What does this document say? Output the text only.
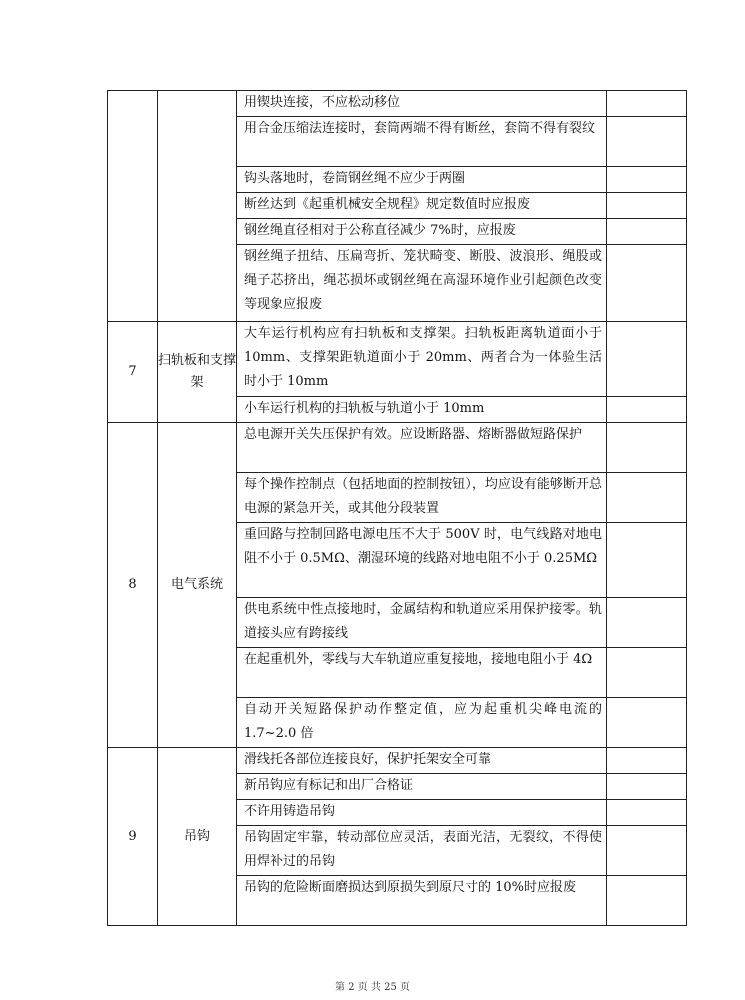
		用锲块连接，不应松动移位	
		用合金压缩法连接时，套筒两端不得有断丝，套筒不得有裂纹	
		钩头落地时，卷筒钢丝绳不应少于两圈	
		断丝达到《起重机械安全规程》规定数值时应报废	
		钢丝绳直径相对于公称直径减少 7%时，应报废	
		钢丝绳子扭结、压扁弯折、笼状畸变、断股、波浪形、绳股或绳子芯挤出，绳芯损坏或钢丝绳在高湿环境作业引起颜色改变等现象应报废	
7	扫轨板和支撑架	大车运行机构应有扫轨板和支撑架。扫轨板距离轨道面小于 10mm、支撑架距轨道面小于 20mm、两者合为一体验生活时小于 10mm	
		小车运行机构的扫轨板与轨道小于 10mm	
8	电气系统	总电源开关失压保护有效。应设断路器、熔断器做短路保护	
		每个操作控制点（包括地面的控制按钮），均应设有能够断开总电源的紧急开关，或其他分段装置	
		重回路与控制回路电源电压不大于 500V 时，电气线路对地电阻不小于 0.5MΩ、潮湿环境的线路对地电阻不小于 0.25MΩ	
		供电系统中性点接地时，金属结构和轨道应采用保护接零。轨道接头应有跨接线	
		在起重机外，零线与大车轨道应重复接地，接地电阻小于 4Ω	
		自动开关短路保护动作整定值，应为起重机尖峰电流的 1.7~2.0 倍	
9	吊钩	滑线托各部位连接良好，保护托架安全可靠	
		新吊钩应有标记和出厂合格证	
		不许用铸造吊钩	
		吊钩固定牢靠，转动部位应灵活，表面光洁，无裂纹，不得使用焊补过的吊钩	
		吊钩的危险断面磨损达到原损失到原尺寸的 10%时应报废	
第 2 页 共 25 页
